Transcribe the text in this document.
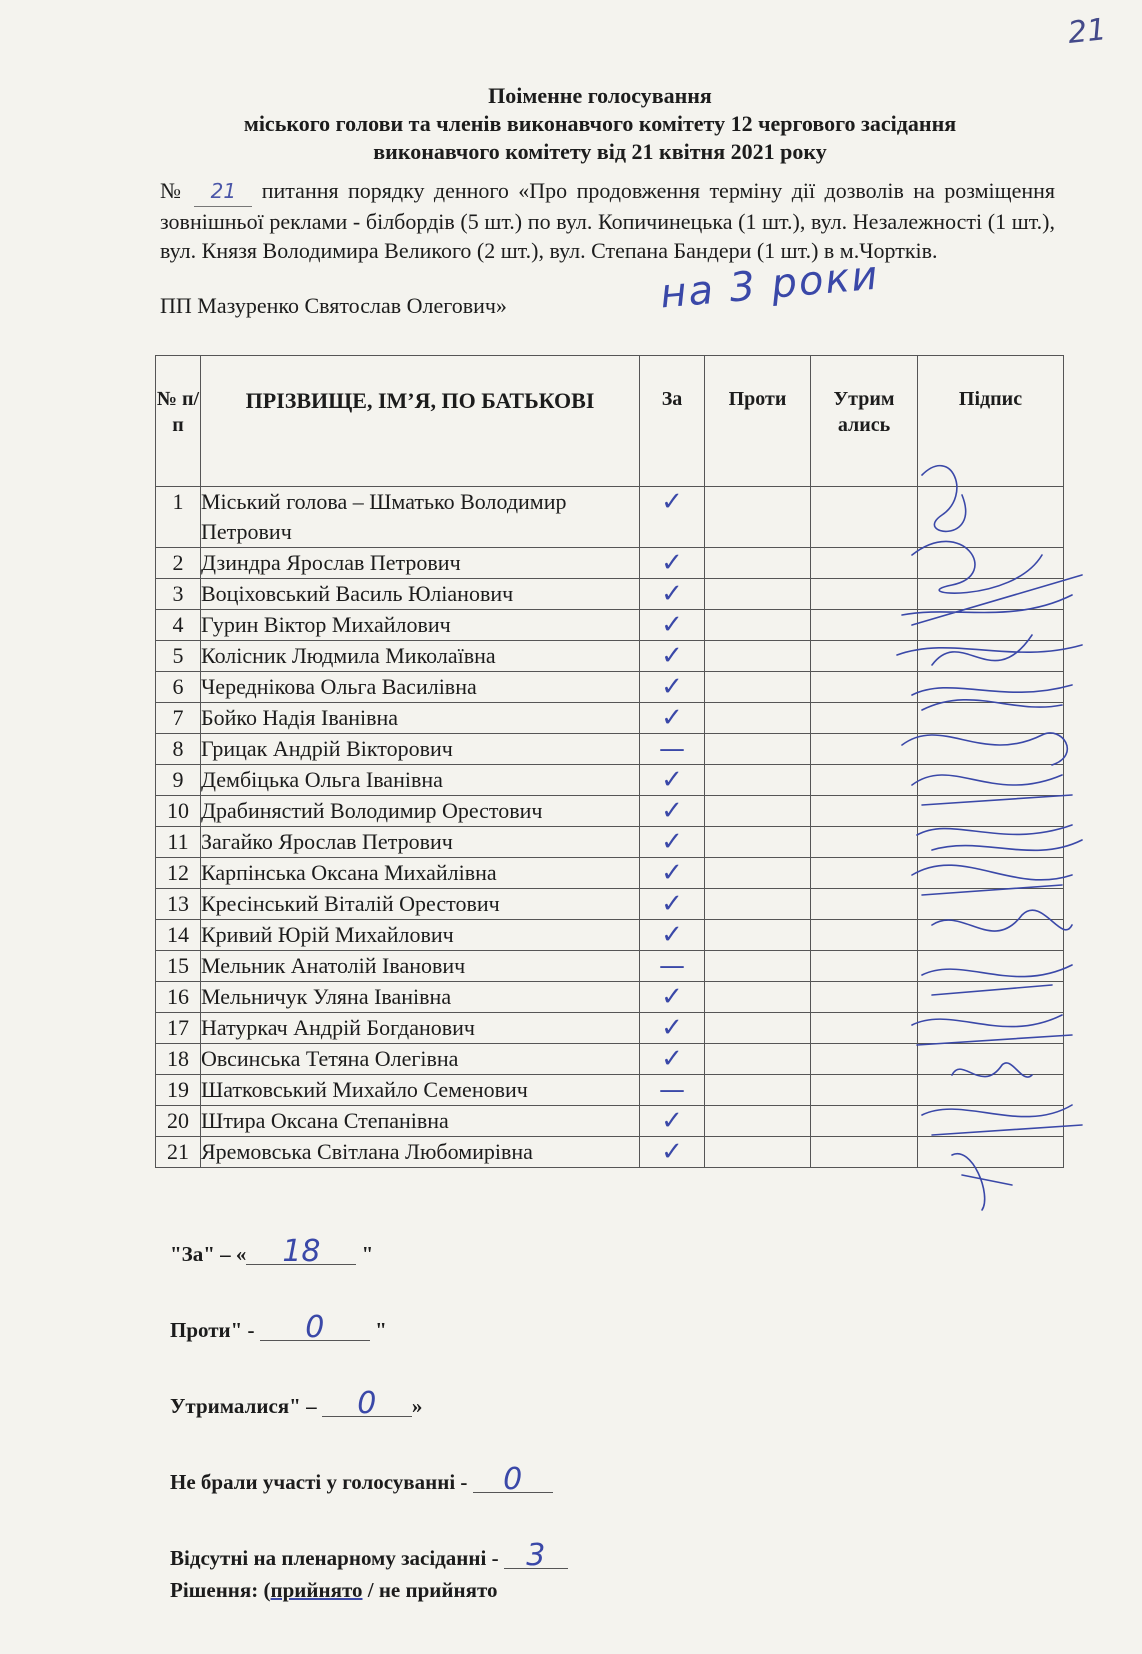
21
Поіменне голосування
міського голови та членів виконавчого комітету 12 чергового засідання
виконавчого комітету від 21 квітня 2021 року
№ 21 питання порядку денного «Про продовження терміну дії дозволів на розміщення зовнішньої реклами - білбордів (5 шт.) по вул. Копичинецька (1 шт.), вул. Незалежності (1 шт.), вул. Князя Володимира Великого (2 шт.), вул. Степана Бандери (1 шт.) в м.Чортків.
ПП Мазуренко Святослав Олегович»	на 3 роки
№ п/п	ПРІЗВИЩЕ, ІМ’Я, ПО БАТЬКОВІ	За	Проти	Утрим ались	Підпис
1	Міський голова – Шматько Володимир Петрович	✓			

2	Дзиндра Ярослав Петрович	✓			

3	Воціховський Василь Юліанович	✓			

4	Гурин Віктор Михайлович	✓			

5	Колісник Людмила Миколаївна	✓			

6	Череднікова Ольга Василівна	✓			

7	Бойко Надія Іванівна	✓			

8	Грицак Андрій Вікторович	—			

9	Дембіцька Ольга Іванівна	✓			

10	Драбинястий Володимир Орестович	✓			

11	Загайко Ярослав Петрович	✓			

12	Карпінська Оксана Михайлівна	✓			

13	Кресінський Віталій Орестович	✓			

14	Кривий Юрій Михайлович	✓			

15	Мельник Анатолій Іванович	—			

16	Мельничук Уляна Іванівна	✓			

17	Натуркач Андрій Богданович	✓			

18	Овсинська Тетяна Олегівна	✓			

19	Шатковський Михайло Семенович	—			

20	Штира Оксана Степанівна	✓			

21	Яремовська Світлана Любомирівна	✓			

"За" – « 18 "
Проти" - 0 "
Утрималися" – 0 »
Не брали участі у голосуванні - 0
Відсутні на пленарному засіданні - 3
Рішення: (прийнято / не прийнято
